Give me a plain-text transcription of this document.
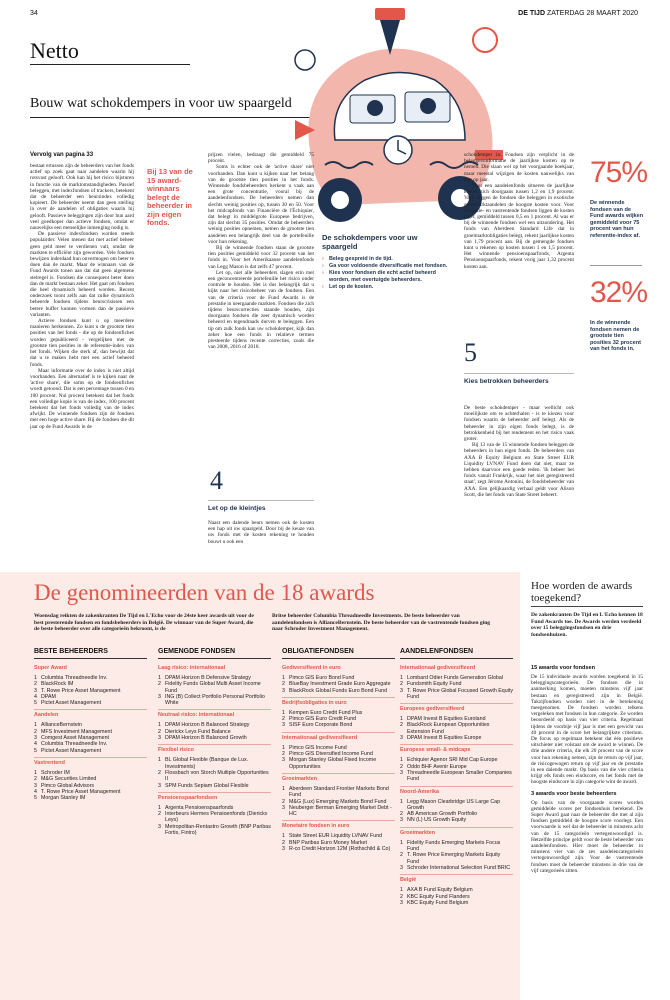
34	DE TIJD ZATERDAG 28 MAART 2020
Netto
Bouw wat schokdempers in voor uw spaargeld
Vervolg van pagina 33

bestaat ertussen zijn de beheerders van het fonds actief op zoek gaat naar aandelen waarin hij rotsvast gelooft. Ook kan hij het risico bijsturen in functie van de marktomstandigheden. Passief beleggen, met indexfondsen of trackers, betekent dat de beheerder een beursindex volledig kopieert. De beheerder neemt dan geen stelling in over de aandelen of obligaties waarin hij gelooft. Passieve beleggingen zijn door hun aard veel goedkoper dan actieve fondsen, omdat er nauwelijks een menselijke inmenging nodig is.

De passieve indexfondsen worden steeds populairder. Velen menen dat met actief beheer geen geld meer te verdienen valt, omdat de markten te efficiënt zijn geworden. Vele fondsen bewijzen inderdaad hun onvermogen om beter te doen dan de markt. Maar de winnaars van de Fund Awards tonen aan dat dat geen algemene stelregel is. Fondsen die consequent beter doen dan de markt bestaan zeker. Het gaat om fondsen die heel dynamisch beheerd worden. Recent onderzoek toont zelfs aan dat zulke dynamisch beheerde fondsen tijdens beurscrisissen een betere buffer kunnen vormen dan de passieve varianten.

Actieve fondsen kunt u op meerdere manieren herkennen. Zo kunt u de grootste tien posities van het fonds - die op de fondsenfiches worden gepubliceerd - vergelijken met de grootste tien posities in de referentie-index van het fonds. Wijken die sterk af, dan bewijst dat dat u te maken hebt met een actief beheerd fonds.

Maar informatie over de index is niet altijd voorhanden. Een alternatief is te kijken naar de 'active share', die soms op de fondsenfiches wordt getoond. Dat is een percentage tussen 0 en 100 procent. Nul procent betekent dat het fonds een volledige kopie is van de index, 100 procent betekent dat het fonds volledig van de index afwijkt. De winnende fondsen zijn de fondsen met een hoge active share. Bij de fondsen die dit jaar op de Fund Awards in de

Bij 13 van de 15 award-winnaars belegt de beheerder in zijn eigen fonds.

prijzen vielen, bedraagt die gemiddeld 75 procent.

Soms is echter ook de 'active share' niet voorhanden. Dan kunt u kijken naar het belang van de grootste tien posities in het fonds. Winnende fondsbeheerders herkent u vaak aan een grote concentratie, vooral bij de aandelenfondsen. De beheerders nemen dan slechts weinig posities op, tussen 30 en 50. Voor het midcapfonds van Financière de l'Échiquier, dat belegt in middelgrote Europese bedrijven, zijn dat slechts 35 posities. Omdat de beheerders weinig posities opnemen, nemen de grootste tien aandelen een belangrijk deel van de portefeuille voor hun rekening.

Bij de winnende fondsen staan de grootste tien posities gemiddeld voor 32 procent van het fonds in. Voor het Amerikaanse aandelenfonds van Legg Mason is dat zelfs 47 procent.

Let op, niet alle beheerders slagen erin met een geconcentreerde portefeuille het risico onder controle te houden. Het is dus belangrijk dat u kijkt naar het risicobeheer van de fondsen. Een van de criteria voor de Fund Awards is de prestatie in neergaande markten. Fondsen die zich tijdens beurscorrecties staande houden, zijn doorgaans fondsen die zeer dynamisch worden beheerd en tegendraads durven te beleggen. Een tip om zulk fonds kan uw schokdemper, kijk dan zeker hoe een fonds in relatieve termen presteerde tijdens recente correcties, zoals die van 2008, 2016 of 2018.

4
Let op de kleintjes

Naast een dalende beurs nemen ook de kosten een hap uit uw spaargeld. Door bij de keuze van uw fonds met de kosten rekening te houden bouwt u ook een

De schokdempers voor uw spaargeld
› Beleg gespreid in de tijd.
› Ga voor voldoende diversificatie met fondsen.
› Kies voor fondsen die echt actief beheerd worden, met overtuigde beheerders.
› Let op de kosten.

schokdemper in. Fondsen zijn verplicht in de beleggersinformatie de jaarlijkse kosten op te nemen. Die slaan wel op het voorgaande boekjaar, maar meestal wijzigen de kosten nauwelijks van jaar op jaar.

Voor een aandelenfonds situeren de jaarlijkse kosten zich doorgaans tussen 1,2 en 1,9 procent. Vaak leggen de fondsen die beleggen in exotische groeimarktaandelen de hoogste kosten voor. Voor obligatie- en vastrentende fondsen liggen de kosten lager, gemiddeld tussen 0,5 en 1 procent. Al was er bij de winnende fondsen wel een uitzondering. Het fonds van Aberdeen Standard Life dat in groeimarktobligaties belegt, rekent jaarlijkse kosten van 1,79 procent aan. Bij de gemengde fondsen kunt u rekenen op kosten tussen 1 en 1,5 procent. Het winnende pensioenspaarfonds, Argenta Pensioenspaarfonds, rekent vorig jaar 1,32 procent kosten aan.

5
Kies betrokken beheerders

De beste schokdemper - maar wellicht ook moeilijkste om te achterhalen - is te kiezen voor fondsen waarin de beheerder zelf belegt. Als de beheerder in zijn eigen fonds belegt, is de betrokkenheid bij het rendement en het risico vaak groter.

Bij 13 van de 15 winnende fondsen beleggen de beheerders in hun eigen fonds. De beheerders van AXA B Equity Belgium en State Street EUR Liquidity LVNAV Fund doen dat niet, maar ze hebben daarvoor een goede reden. 'Ik beheer het fonds vanuit Frankrijk, waar het niet geregistreerd staat', zegt Jérome Antonini, de fondsbeheerder van AXA. Een gelijkaardig verhaal geldt voor Alison Scott, die het fonds van State Street beheert.

75%
De winnende fondsen van de Fund awards wijken gemiddeld voor 75 procent van hun referentie-index af.
32%
In de winnende fondsen nemen de grootste tien posities 32 procent van het fonds in.
De genomineerden van de 18 awards
Woensdag reikten de zakenkranten De Tijd en L'Echo voor de 24ste keer awards uit voor de best presterende fondsen en fondsbeheerders in België. De winnaar van de Super Award, die de beste beheerder over alle categorieën bekroont, is de
Britse beheerder Columbia Threadneedle Investments. De beste beheerder van aandelenfondsen is AllianceBernstein. De beste beheerder van de vastrentende fondsen ging naar Schroder Investment Management.
BESTE BEHEERDERS
Super Award
1 Columbia Threadneedle Inv.
2 BlackRock IM
3 T. Rowe Price Asset Management
4 DPAM
5 Pictet Asset Management
Aandelen
1 AllianceBernstein
2 MFS Investment Management
3 Comgest Asset Management
4 Columbia Threadneedle Inv.
5 Pictet Asset Management
Vastrentend
1 Schroder IM
2 M&G Securities Limited
3 Pimco Global Advisors
4 T. Rowe Price Asset Management
5 Morgan Stanley IM
GEMENGDE FONDSEN
Laag risico: internationaal
1 DPAM Horizon B Defensive Strategy
2 Fidelity Funds Global Multi Asset Income Fund
3 ING (B) Collect Portfolio Personal Portfolio White
Neutraal risico: internationaal
1 DPAM Horizon B Balanced Strategy
2 Dierickx Leys Fund Balance
3 DPAM Horizon B Balanced Growth
Flexibel risico
1 BL Global Flexible (Banque de Lux. Investments)
2 Flossbach von Storch Multiple Opportunities II
3 SPM Funds Sepiam Global Flexible
Pensioenspaarfondsen
1 Argenta Pensioenspaarfonds
2 Interbeurs Hermes Pensioenfonds (Dierickx Leys)
3 Metropolitan-Rentastro Growth (BNP Paribas Fortis, Fintro)
OBLIGATIEFONDSEN
Gediversifieerd in euro
1 Pimco GIS Euro Bond Fund
2 BlueBay Investment Grade Euro Aggregate
3 BlackRock Global Funds Euro Bond Fund
Bedrijfsobligaties in euro
1 Kempen Euro Credit Fund Plus
2 Pimco GIS Euro Credit Fund
3 SISF Euro Corporate Bond
Internationaal gediversifieerd
1 Pimco GIS Income Fund
2 Pimco GIS Diversified Income Fund
3 Morgan Stanley Global Fixed Income Opportunities
Groeimarkten
1 Aberdeen Standard Frontier Markets Bond Fund
2 M&G (Lux) Emerging Markets Bond Fund
3 Neuberger Berman Emerging Market Debt - HC
Monetaire fondsen in euro
1 State Street EUR Liquidity LVNAV Fund
2 BNP Paribas Euro Money Market
3 R-co Credit Horizon 12M (Rothschild & Co)
AANDELENFONDSEN
Internationaal gediversifieerd
1 Lombard Odier Funds Generation Global
2 Fundsmith Equity Fund
3 T. Rowe Price Global Focused Growth Equity Fund
Europees gediversifieerd
1 DPAM Invest B Equities Euroland
2 BlackRock European Opportunities Extension Fund
3 DPAM Invest B Equities Europe
Europese small- & midcaps
1 Echiquier Agenor SRI Mid Cap Europe
2 Oddo BHF Avenir Europe
3 Threadneedle European Smaller Companies Fund
Noord-Amerika
1 Legg Mason Clearbridge US Large Cap Growth
2 AB American Growth Portfolio
3 NN (L) US Growth Equity
Groeimarkten
1 Fidelity Funds Emerging Markets Focus Fund
2 T. Rowe Price Emerging Markets Equity Fund
3 Schroder International Selection Fund BRIC
België
1 AXA B Fund Equity Belgium
2 KBC Equity Fund Flanders
3 KBC Equity Fund Belgium
Hoe worden de awards toegekend?
De zakenkranten De Tijd en L'Echo kennen 18 Fund Awards toe. De Awards werden verdeeld over 15 beleggingsfondsen en drie fondsenhuizen.
15 awards voor fondsen

De 15 individuele awards worden toegekend in 15 beleggingscategorieën. De fondsen die in aanmerking komen, moeten minstens vijf jaar bestaan en geregistreerd zijn in België. Takzijfondsen worden niet in de berekening meegenomen. De fondsen worden telkens vergeleken met fondsen in hun categorie. Ze worden beoordeeld op basis van vier criteria. Regelmaat tijdens de voorbije vijf jaar is met een gewicht van 40 procent in de score het belangrijkste criterium. De focus op regelmaat betekent dat één positieve uitschieter niet volstaat om de award te winnen. De drie andere criteria, die elk 20 procent van de score voor hun rekening nemen, zijn de return op vijf jaar, de risicogewogen return op vijf jaar en de prestatie in een dalende markt. Op basis van die vier criteria krijgt elk fonds een eindscore, en het fonds met de hoogste eindscore in zijn categorie wint de award.

3 awards voor beste beheerders

Op basis van de voorgaande scores worden gemiddelde scores per fondsenhuis berekend. De Super Award gaat naar de beheerder die met al zijn fondsen gemiddeld de hoogste score voorlegt. Een voorwaarde is wel dat de beheerder in minstens acht van de 15 categorieën vertegenwoordigd is. Hetzelfde principe geldt voor de beste beheerder van aandelenfondsen. Hier moet de beheerder in minstens vier van de zes aandelencategorieën vertegenwoordigd zijn. Voor de vastrentende fondsen moet de beheerder minstens in drie van de vijf categorieën zitten.
